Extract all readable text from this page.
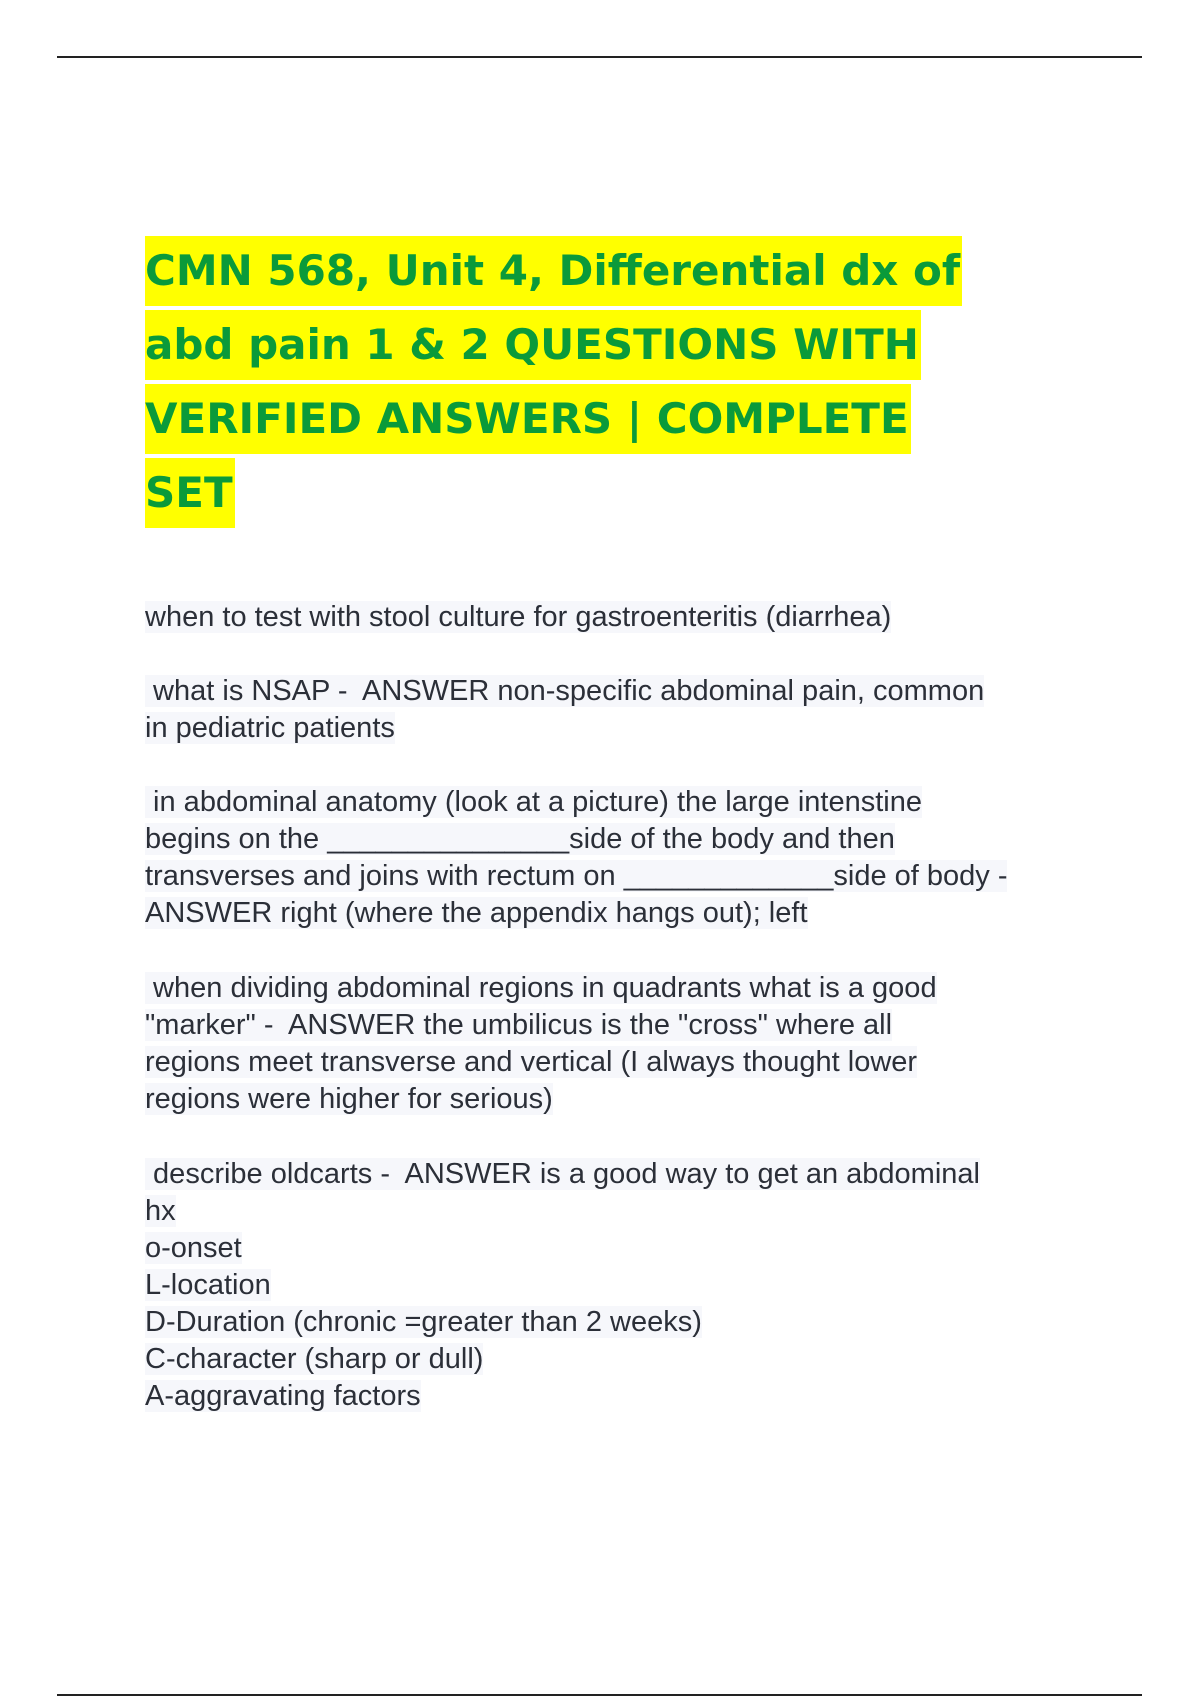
CMN 568, Unit 4, Differential dx of
abd pain 1 & 2 QUESTIONS WITH
VERIFIED ANSWERS | COMPLETE
SET
when to test with stool culture for gastroenteritis (diarrhea)
what is NSAP -  ANSWER non-specific abdominal pain, common
in pediatric patients
in abdominal anatomy (look at a picture) the large intenstine
begins on the _______________side of the body and then
transverses and joins with rectum on _____________side of body -
ANSWER right (where the appendix hangs out); left
when dividing abdominal regions in quadrants what is a good
"marker" -  ANSWER the umbilicus is the "cross" where all
regions meet transverse and vertical (I always thought lower
regions were higher for serious)
describe oldcarts -  ANSWER is a good way to get an abdominal
hx
o-onset
L-location
D-Duration (chronic =greater than 2 weeks)
C-character (sharp or dull)
A-aggravating factors
